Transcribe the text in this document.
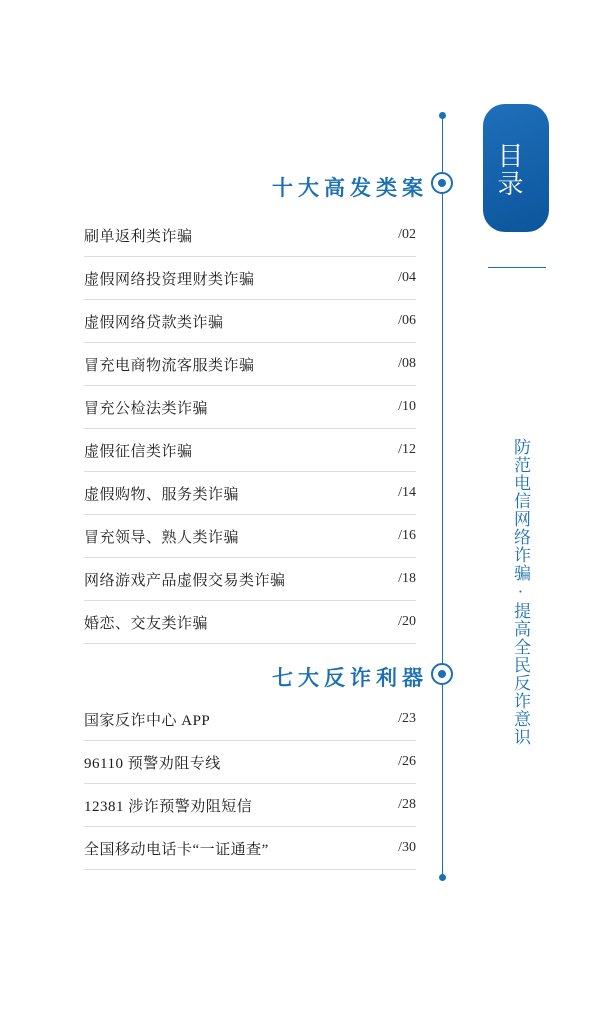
目录
防范电信网络诈骗·提高全民反诈意识
十大高发类案
刷单返利类诈骗	/02
虚假网络投资理财类诈骗	/04
虚假网络贷款类诈骗	/06
冒充电商物流客服类诈骗	/08
冒充公检法类诈骗	/10
虚假征信类诈骗	/12
虚假购物、服务类诈骗	/14
冒充领导、熟人类诈骗	/16
网络游戏产品虚假交易类诈骗	/18
婚恋、交友类诈骗	/20
七大反诈利器
国家反诈中心 APP	/23
96110 预警劝阻专线	/26
12381 涉诈预警劝阻短信	/28
全国移动电话卡“一证通查”	/30
